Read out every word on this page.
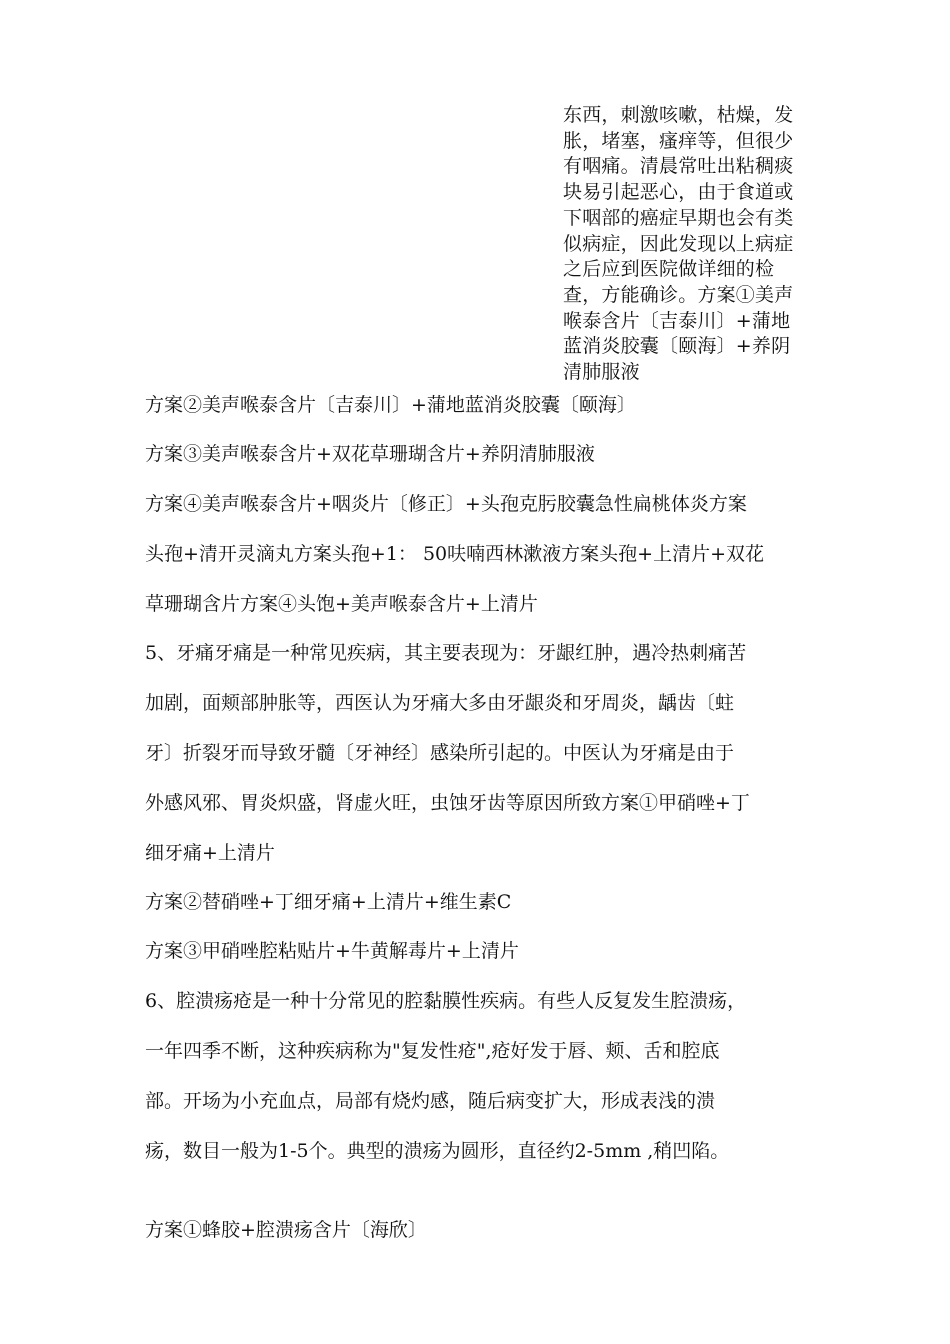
东西，刺激咳嗽，枯燥，发
胀，堵塞，瘙痒等，但很少
有咽痛。清晨常吐出粘稠痰
块易引起恶心，由于食道或
下咽部的癌症早期也会有类
似病症，因此发现以上病症
之后应到医院做详细的检
查，方能确诊。方案①美声
喉泰含片〔吉泰川〕+蒲地
蓝消炎胶囊〔颐海〕+养阴
清肺服液
方案②美声喉泰含片〔吉泰川〕+蒲地蓝消炎胶囊〔颐海〕
方案③美声喉泰含片+双花草珊瑚含片+养阴清肺服液
方案④美声喉泰含片+咽炎片〔修正〕+头孢克肟胶囊急性扁桃体炎方案
头孢+清开灵滴丸方案头孢+1： 50呋喃西林漱液方案头孢+上清片+双花
草珊瑚含片方案④头饱+美声喉泰含片+上清片
5、牙痛牙痛是一种常见疾病，其主要表现为：牙龈红肿，遇冷热刺痛苦
加剧，面颊部肿胀等，西医认为牙痛大多由牙龈炎和牙周炎，龋齿〔蛀
牙〕折裂牙而导致牙髓〔牙神经〕感染所引起的。中医认为牙痛是由于
外感风邪、胃炎炽盛，肾虚火旺，虫蚀牙齿等原因所致方案①甲硝唑+丁
细牙痛+上清片
方案②替硝唑+丁细牙痛+上清片+维生素C
方案③甲硝唑腔粘贴片+牛黄解毒片+上清片
6、腔溃疡疮是一种十分常见的腔黏膜性疾病。有些人反复发生腔溃疡，
一年四季不断，这种疾病称为"复发性疮",疮好发于唇、颊、舌和腔底
部。开场为小充血点，局部有烧灼感，随后病变扩大，形成表浅的溃
疡，数目一般为1-5个。典型的溃疡为圆形，直径约2-5mm ,稍凹陷。
方案①蜂胶+腔溃疡含片〔海欣〕
